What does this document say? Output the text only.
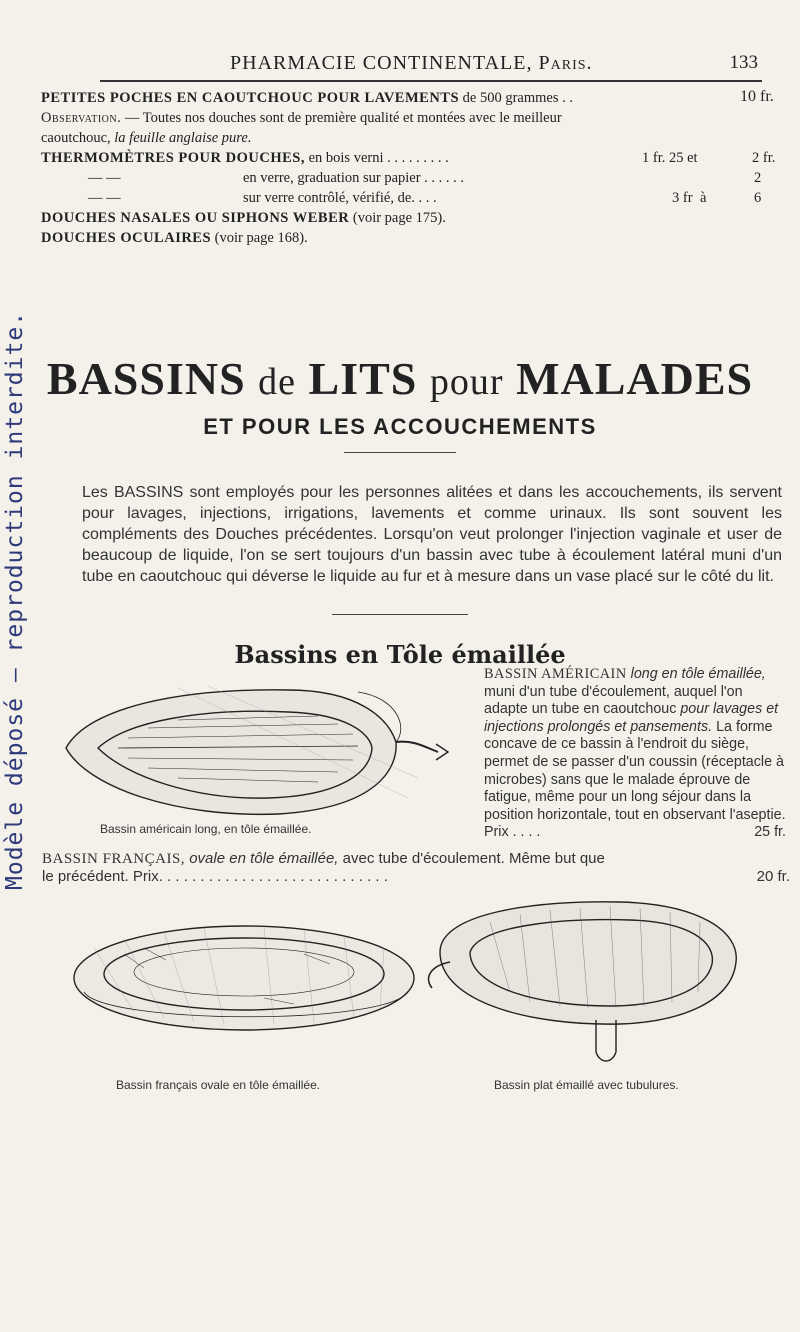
Modèle déposé — reproduction interdite.
PHARMACIE CONTINENTALE, Paris.	133
PETITES POCHES EN CAOUTCHOUC POUR LAVEMENTS de 500 grammes . .	10 fr.
Observation. — Toutes nos douches sont de première qualité et montées avec le meilleur
caoutchouc, la feuille anglaise pure.
THERMOMÈTRES POUR DOUCHES, en bois verni . . . . . . . . .	1 fr. 25 et	2 fr.
— —	en verre, graduation sur papier . . . . . .	2
— —	sur verre contrôlé, vérifié, de. . . .	3 fr à	6
DOUCHES NASALES OU SIPHONS WEBER (voir page 175).
DOUCHES OCULAIRES (voir page 168).
BASSINS de LITS pour MALADES
ET POUR LES ACCOUCHEMENTS
Les BASSINS sont employés pour les personnes alitées et dans les accouchements, ils servent pour lavages, injections, irrigations, lavements et comme urinaux. Ils sont souvent les compléments des Douches précédentes. Lorsqu'on veut prolonger l'injection vaginale et user de beaucoup de liquide, l'on se sert toujours d'un bassin avec tube à écoulement latéral muni d'un tube en caoutchouc qui déverse le liquide au fur et à mesure dans un vase placé sur le côté du lit.
Bassins en Tôle émaillée
Bassin américain long, en tôle émaillée.
BASSIN AMÉRICAIN long en tôle émaillée, muni d'un tube d'écoulement, auquel l'on adapte un tube en caoutchouc pour lavages et injections prolongés et pansements. La forme concave de ce bassin à l'endroit du siège, permet de se passer d'un coussin (réceptacle à microbes) sans que le malade éprouve de fatigue, même pour un long séjour dans la position horizontale, tout en observant l'aseptie. Prix . . . .	25 fr.
BASSIN FRANÇAIS, ovale en tôle émaillée, avec tube d'écoulement. Même but que
le précédent. Prix. . . . . . . . . . . . . . . . . . . . . . . . . . . .	20 fr.
Bassin français ovale en tôle émaillée.	Bassin plat émaillé avec tubulures.
